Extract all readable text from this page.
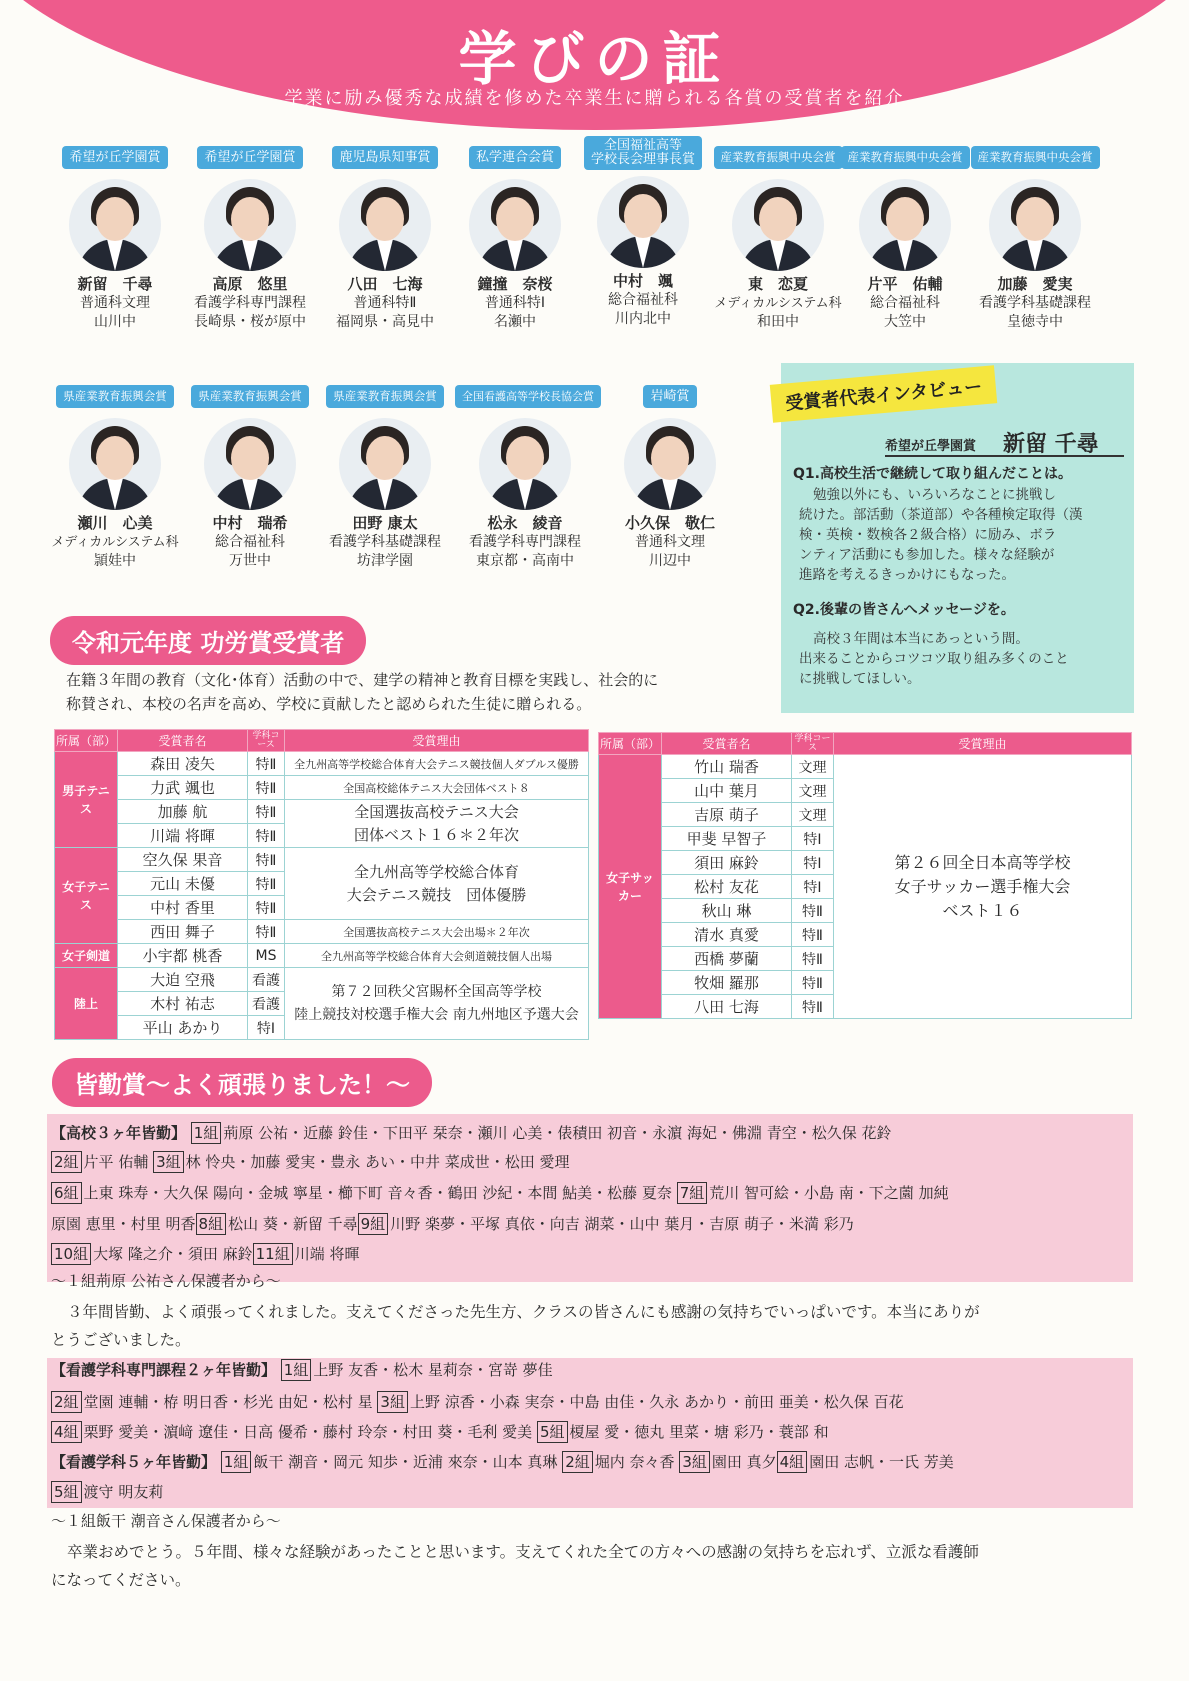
学びの証
学業に励み優秀な成績を修めた卒業生に贈られる各賞の受賞者を紹介
希望が丘学園賞
新留　千尋
普通科文理
山川中
希望が丘学園賞
高原　悠里
看護学科専門課程
長崎県・桜が原中
鹿児島県知事賞
八田　七海
普通科特Ⅱ
福岡県・高見中
私学連合会賞
鐘撞　奈桜
普通科特Ⅰ
名瀬中
全国福祉高等
学校長会理事長賞
中村　颯
総合福祉科
川内北中
産業教育振興中央会賞
東　恋夏
メディカルシステム科
和田中
産業教育振興中央会賞
片平　佑輔
総合福祉科
大笠中
産業教育振興中央会賞
加藤　愛実
看護学科基礎課程
皇徳寺中
県産業教育振興会賞
瀬川　心美
メディカルシステム科
頴娃中
県産業教育振興会賞
中村　瑞希
総合福祉科
万世中
県産業教育振興会賞
田野 康太
看護学科基礎課程
坊津学園
全国看護高等学校長協会賞
松永　綾音
看護学科専門課程
東京都・高南中
岩崎賞
小久保　敬仁
普通科文理
川辺中
受賞者代表インタビュー
希望が丘學園賞 新留 千尋
Q1.高校生活で継続して取り組んだことは。
勉強以外にも、いろいろなことに挑戦し
続けた。部活動（茶道部）や各種検定取得（漢
検・英検・数検各２級合格）に励み、ボラ
ンティア活動にも参加した。様々な経験が
進路を考えるきっかけにもなった。
Q2.後輩の皆さんへメッセージを。
高校３年間は本当にあっという間。
出来ることからコツコツ取り組み多くのこと
に挑戦してほしい。
令和元年度 功労賞受賞者
在籍３年間の教育（文化･体育）活動の中で、建学の精神と教育目標を実践し、社会的に
称賛され、本校の名声を高め、学校に貢献したと認められた生徒に贈られる。
所属（部）	受賞者名	学科コース	受賞理由
男子テニス	森田 凌矢	特Ⅱ	全九州高等学校総合体育大会テニス競技個人ダブルス優勝
	力武 颯也	特Ⅱ	全国高校総体テニス大会団体ベスト８
	加藤 航	特Ⅱ	全国選抜高校テニス大会
団体ベスト１６＊２年次
	川端 将暉	特Ⅱ	
女子テニス	空久保 果音	特Ⅱ	全九州高等学校総合体育
大会テニス競技　団体優勝
	元山 未優	特Ⅱ	
	中村 香里	特Ⅱ	
	西田 舞子	特Ⅱ	全国選抜高校テニス大会出場＊２年次
女子剣道	小宇都 桃香	MS	全九州高等学校総合体育大会剣道競技個人出場
陸上	大迫 空飛	看護	第７２回秩父宮賜杯全国高等学校
陸上競技対校選手権大会 南九州地区予選大会
	木村 祐志	看護	
	平山 あかり	特Ⅰ	
所属（部）	受賞者名	学科コース	受賞理由
女子サッカー	竹山 瑞香	文理	第２６回全日本高等学校
女子サッカー選手権大会
ベスト１６
	山中 葉月	文理	
	吉原 萌子	文理	
	甲斐 早智子	特Ⅰ	
	須田 麻鈴	特Ⅰ	
	松村 友花	特Ⅰ	
	秋山 琳	特Ⅱ	
	清水 真愛	特Ⅱ	
	西橋 夢蘭	特Ⅱ	
	牧畑 羅那	特Ⅱ	
	八田 七海	特Ⅱ	
皆勤賞〜よく頑張りました！〜
【高校３ヶ年皆勤】 1組 荊原 公祐・近藤 鈴佳・下田平 栞奈・瀬川 心美・俵積田 初音・永濵 海妃・佛淵 青空・松久保 花鈴
2組 片平 佑輔 3組 林 怜央・加藤 愛実・豊永 あい・中井 菜成世・松田 愛理
6組 上東 珠寿・大久保 陽向・金城 寧星・櫛下町 音々香・鶴田 沙紀・本間 鮎美・松藤 夏奈 7組 荒川 智可絵・小島 南・下之薗 加純
原園 恵里・村里 明香 8組 松山 葵・新留 千尋 9組 川野 楽夢・平塚 真依・向吉 湖菜・山中 葉月・吉原 萌子・米満 彩乃
10組 大塚 隆之介・須田 麻鈴 11組 川端 将暉
〜１組荊原 公祐さん保護者から〜
３年間皆勤、よく頑張ってくれました。支えてくださった先生方、クラスの皆さんにも感謝の気持ちでいっぱいです。本当にありが
とうございました。
【看護学科専門課程２ヶ年皆勤】 1組 上野 友香・松木 星莉奈・宮嵜 夢佳
2組 堂園 連輔・栫 明日香・杉光 由妃・松村 星 3組 上野 涼香・小森 実奈・中島 由佳・久永 あかり・前田 亜美・松久保 百花
4組 栗野 愛美・濵﨑 遼佳・日高 優希・藤村 玲奈・村田 葵・毛利 愛美 5組 榎屋 愛・徳丸 里菜・塘 彩乃・蓑部 和
【看護学科５ヶ年皆勤】 1組 飯干 潮音・岡元 知歩・近浦 來奈・山本 真琳 2組 堀内 奈々香 3組 園田 真夕 4組 園田 志帆・一氏 芳美
5組 渡守 明友莉
〜１組飯干 潮音さん保護者から〜
卒業おめでとう。５年間、様々な経験があったことと思います。支えてくれた全ての方々への感謝の気持ちを忘れず、立派な看護師
になってください。
